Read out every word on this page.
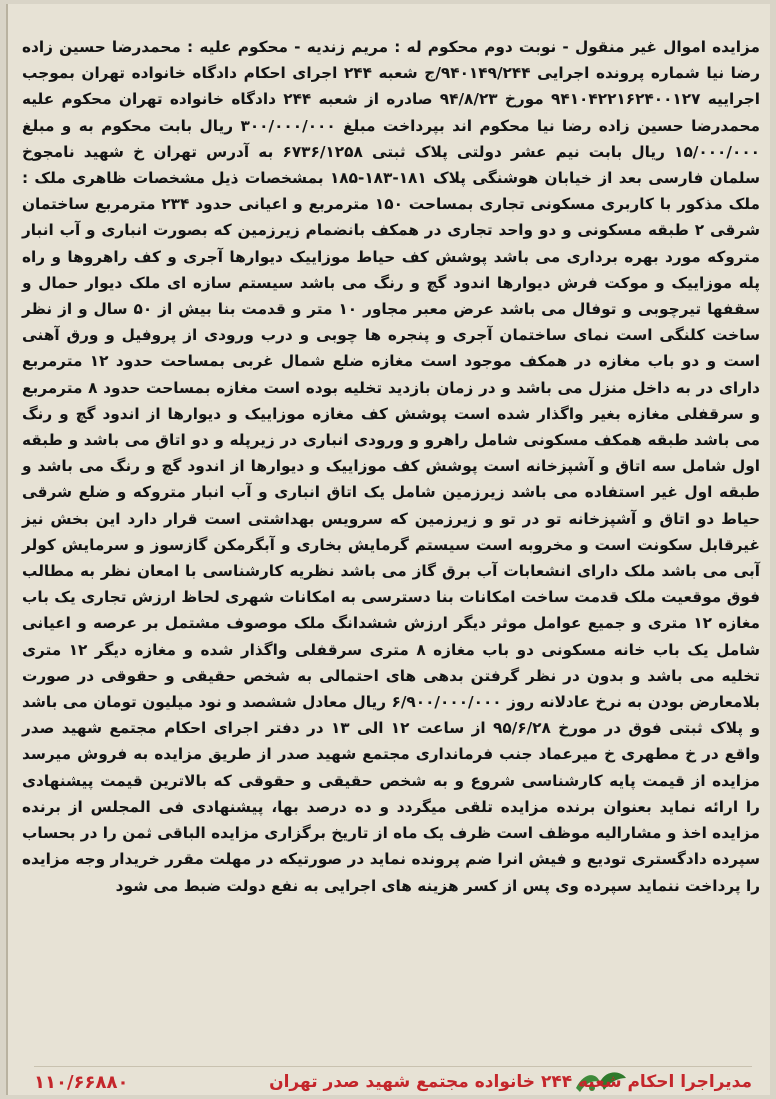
مزایده اموال غیر منقول - نوبت دوم محکوم له : مریم زندیه - محکوم علیه : محمدرضا حسین زاده رضا نیا شماره پرونده اجرایی ۹۴۰۱۴۹/۲۴۴/ج شعبه ۲۴۴ اجرای احکام دادگاه خانواده تهران بموجب اجراییه ۹۴۱۰۴۲۲۱۶۲۴۰۰۱۲۷ مورخ ۹۴/۸/۲۳ صادره از شعبه ۲۴۴ دادگاه خانواده تهران محکوم علیه محمدرضا حسین زاده رضا نیا محکوم اند بپرداخت مبلغ ۳۰۰/۰۰۰/۰۰۰ ریال بابت محکوم به و مبلغ ۱۵/۰۰۰/۰۰۰ ریال بابت نیم عشر دولتی پلاک ثبتی ۶۷۳۶/۱۲۵۸ به آدرس تهران خ شهید نامجوخ سلمان فارسی بعد از خیابان هوشنگی پلاک ۱۸۱-۱۸۳-۱۸۵ بمشخصات ذیل مشخصات ظاهری ملک : ملک مذکور با کاربری مسکونی تجاری بمساحت ۱۵۰ مترمربع و اعیانی حدود ۲۳۴ مترمربع ساختمان شرقی ۲ طبقه مسکونی و دو واحد تجاری در همکف بانضمام زیرزمین که بصورت انباری و آب انبار متروکه مورد بهره برداری می باشد پوشش کف حیاط موزاییک دیوارها آجری و کف راهروها و راه پله موزاییک و موکت فرش دیوارها اندود گچ و رنگ می باشد سیستم سازه ای ملک دیوار حمال و سقفها تیرچوبی و توفال می باشد عرض معبر مجاور ۱۰ متر و قدمت بنا بیش از ۵۰ سال و از نظر ساخت کلنگی است نمای ساختمان آجری و پنجره ها چوبی و درب ورودی از پروفیل و ورق آهنی است و دو باب مغازه در همکف موجود است مغازه ضلع شمال غربی بمساحت حدود ۱۲ مترمربع دارای در به داخل منزل می باشد و در زمان بازدید تخلیه بوده است مغازه بمساحت حدود ۸ مترمربع و سرقفلی مغازه بغیر واگذار شده است پوشش کف مغازه موزاییک و دیوارها از اندود گچ و رنگ می باشد طبقه همکف مسکونی شامل راهرو و ورودی انباری در زیرپله و دو اتاق می باشد و طبقه اول شامل سه اتاق و آشپزخانه است پوشش کف موزاییک و دیوارها از اندود گچ و رنگ می باشد و طبقه اول غیر استفاده می باشد زیرزمین شامل یک اتاق انباری و آب انبار متروکه و ضلع شرقی حیاط دو اتاق و آشپزخانه تو در تو و زیرزمین که سرویس بهداشتی است قرار دارد این بخش نیز غیرقابل سکونت است و مخروبه است سیستم گرمایش بخاری و آبگرمکن گازسوز و سرمایش کولر آبی می باشد ملک دارای انشعابات آب برق گاز می باشد نظریه کارشناسی با امعان نظر به مطالب فوق موقعیت ملک قدمت ساخت امکانات بنا دسترسی به امکانات شهری لحاظ ارزش تجاری یک باب مغازه ۱۲ متری و جمیع عوامل موثر دیگر ارزش ششدانگ ملک موصوف مشتمل بر عرصه و اعیانی شامل یک باب خانه مسکونی دو باب مغازه ۸ متری سرقفلی واگذار شده و مغازه دیگر ۱۲ متری تخلیه می باشد و بدون در نظر گرفتن بدهی های احتمالی به شخص حقیقی و حقوقی در صورت بلامعارض بودن به نرخ عادلانه روز ۶/۹۰۰/۰۰۰/۰۰۰ ریال معادل ششصد و نود میلیون تومان می باشد و پلاک ثبتی فوق در مورخ ۹۵/۶/۲۸ از ساعت ۱۲ الی ۱۳ در دفتر اجرای احکام مجتمع شهید صدر واقع در خ مطهری خ میرعماد جنب فرمانداری مجتمع شهید صدر از طریق مزایده به فروش میرسد مزایده از قیمت پایه کارشناسی شروع و به شخص حقیقی و حقوقی که بالاترین قیمت پیشنهادی را ارائه نماید بعنوان برنده مزایده تلقی میگردد و ده درصد بها، پیشنهادی فی المجلس از برنده مزایده اخذ و مشارالیه موظف است ظرف یک ماه از تاریخ برگزاری مزایده الباقی ثمن را در بحساب سپرده دادگستری تودیع و فیش انرا ضم پرونده نماید در صورتیکه در مهلت مقرر خریدار وجه مزایده را پرداخت ننماید سپرده وی پس از کسر هزینه های اجرایی به نفع دولت ضبط می شود
مدیراجرا احکام شعبه ۲۴۴ خانواده مجتمع شهید صدر تهران
۱۱۰/۶۶۸۸۰
